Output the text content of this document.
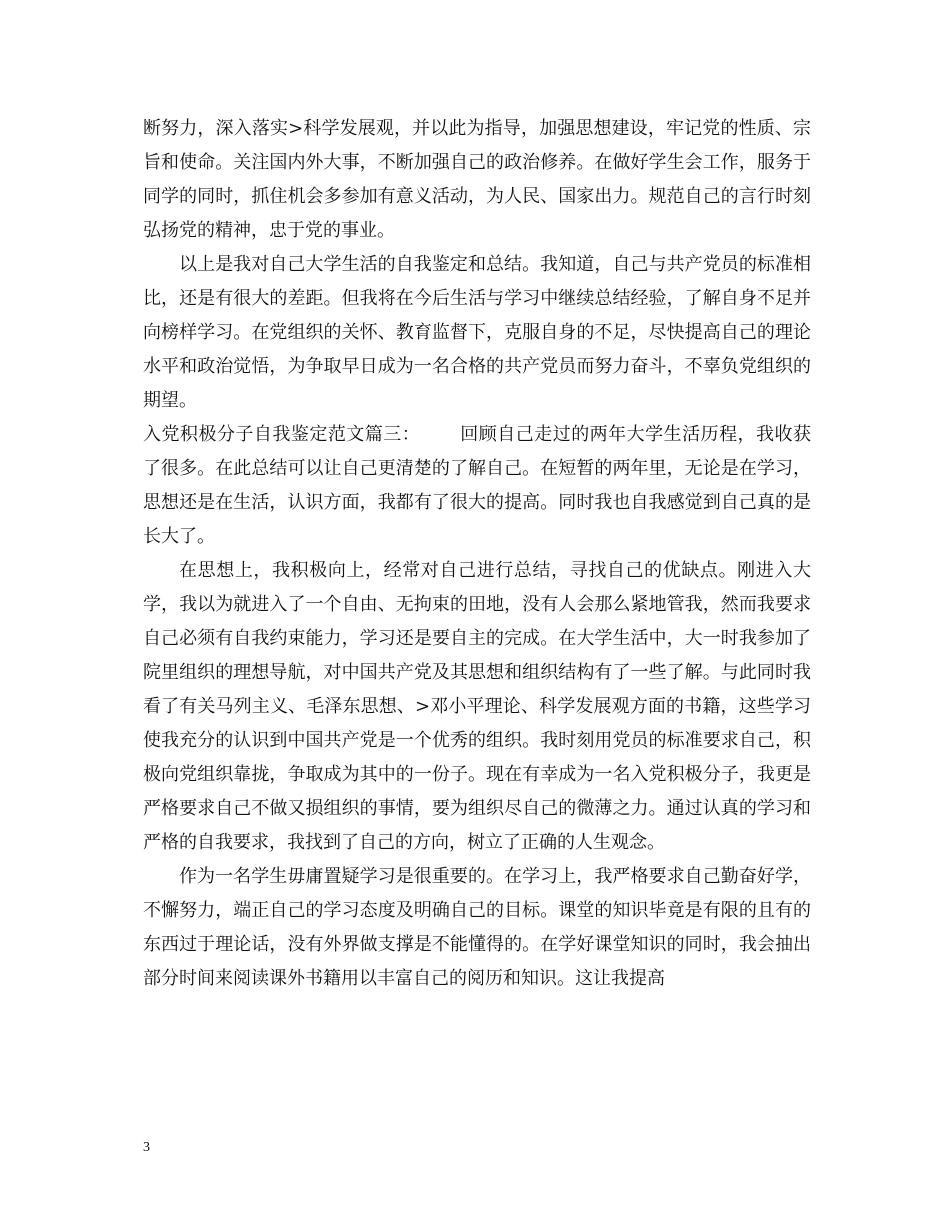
断努力，深入落实>科学发展观，并以此为指导，加强思想建设，牢记党的性质、宗旨和使命。关注国内外大事，不断加强自己的政治修养。在做好学生会工作，服务于同学的同时，抓住机会多参加有意义活动，为人民、国家出力。规范自己的言行时刻弘扬党的精神，忠于党的事业。

以上是我对自己大学生活的自我鉴定和总结。我知道，自己与共产党员的标准相比，还是有很大的差距。但我将在今后生活与学习中继续总结经验，了解自身不足并向榜样学习。在党组织的关怀、教育监督下，克服自身的不足，尽快提高自己的理论水平和政治觉悟，为争取早日成为一名合格的共产党员而努力奋斗，不辜负党组织的期望。

入党积极分子自我鉴定范文篇三： 回顾自己走过的两年大学生活历程，我收获了很多。在此总结可以让自己更清楚的了解自己。在短暂的两年里，无论是在学习，思想还是在生活，认识方面，我都有了很大的提高。同时我也自我感觉到自己真的是长大了。

在思想上，我积极向上，经常对自己进行总结，寻找自己的优缺点。刚进入大学，我以为就进入了一个自由、无拘束的田地，没有人会那么紧地管我，然而我要求自己必须有自我约束能力，学习还是要自主的完成。在大学生活中，大一时我参加了院里组织的理想导航，对中国共产党及其思想和组织结构有了一些了解。与此同时我看了有关马列主义、毛泽东思想、>邓小平理论、科学发展观方面的书籍，这些学习使我充分的认识到中国共产党是一个优秀的组织。我时刻用党员的标准要求自己，积极向党组织靠拢，争取成为其中的一份子。现在有幸成为一名入党积极分子，我更是严格要求自己不做又损组织的事情，要为组织尽自己的微薄之力。通过认真的学习和严格的自我要求，我找到了自己的方向，树立了正确的人生观念。

作为一名学生毋庸置疑学习是很重要的。在学习上，我严格要求自己勤奋好学，不懈努力，端正自己的学习态度及明确自己的目标。课堂的知识毕竟是有限的且有的东西过于理论话，没有外界做支撑是不能懂得的。在学好课堂知识的同时，我会抽出部分时间来阅读课外书籍用以丰富自己的阅历和知识。这让我提高

3
